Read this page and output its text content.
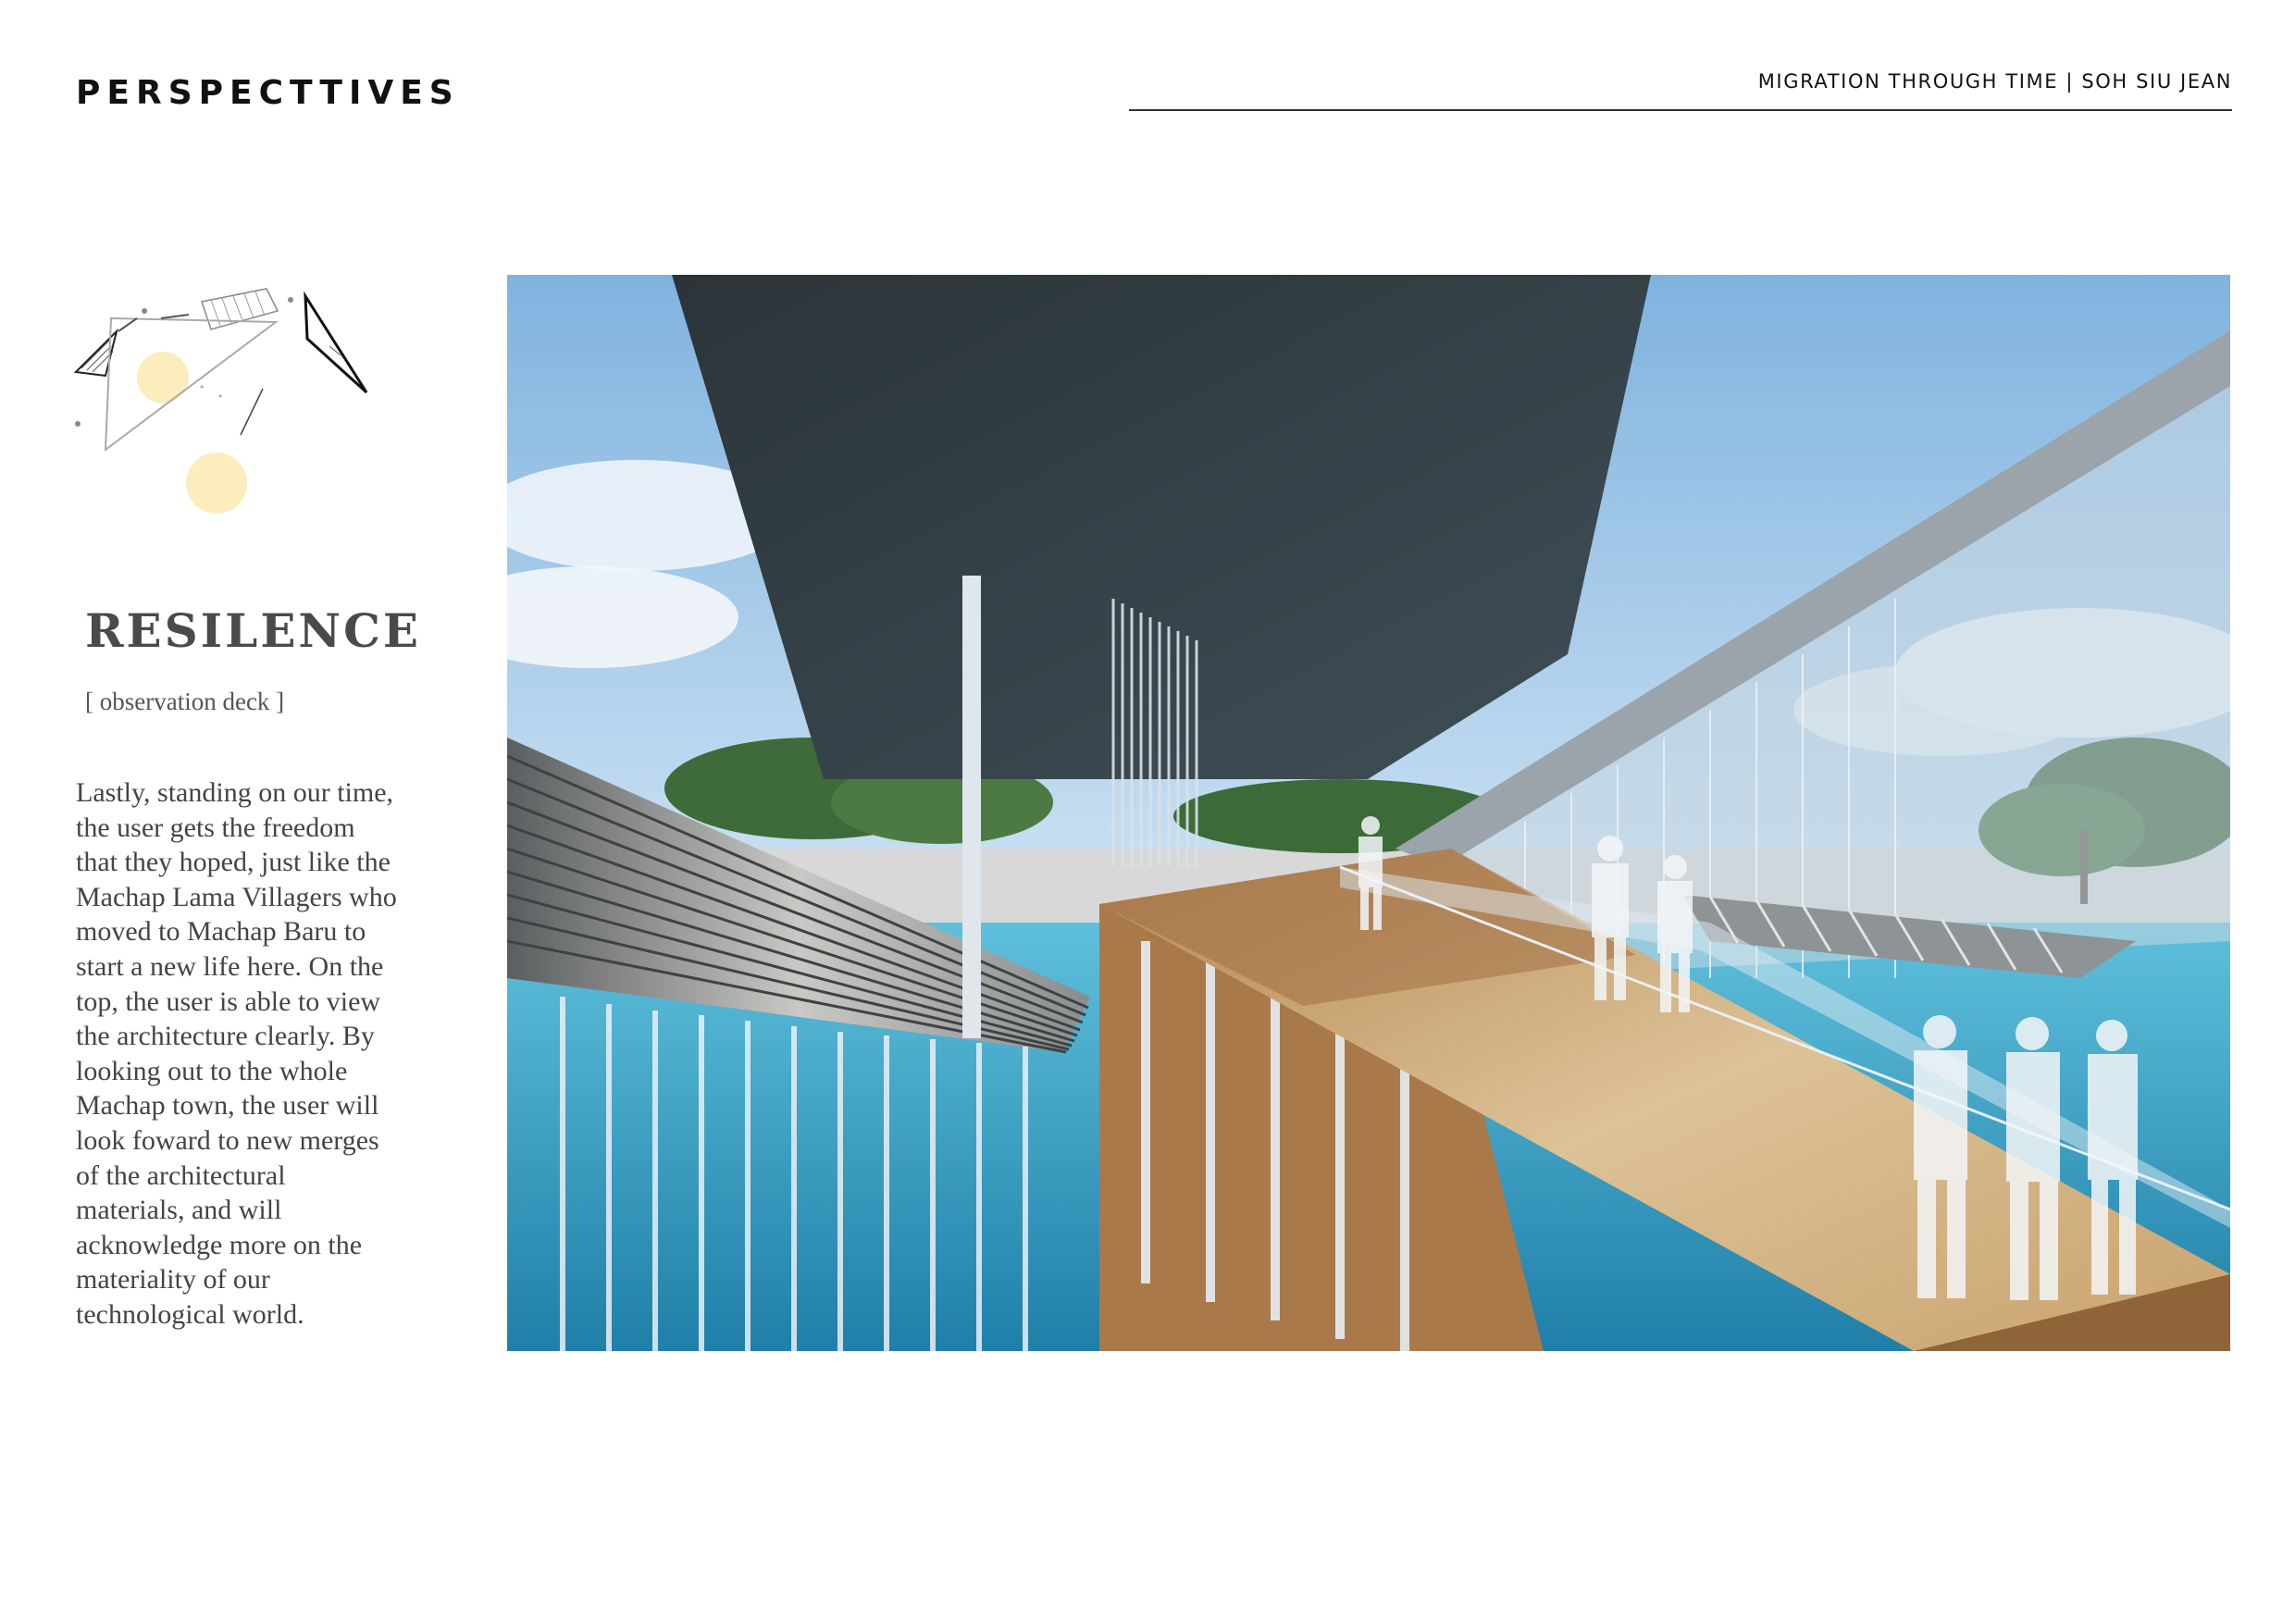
PERSPECTTIVES	MIGRATION THROUGH TIME | SOH SIU JEAN
RESILENCE
[ observation deck ]
Lastly, standing on our time,
the user gets the freedom
that they hoped, just like the
Machap Lama Villagers who
moved to Machap Baru to
start a new life here. On the
top, the user is able to view
the architecture clearly. By
looking out to the whole
Machap town, the user will
look foward to new merges
of the architectural
materials, and will
acknowledge more on the
materiality of our
technological world.
